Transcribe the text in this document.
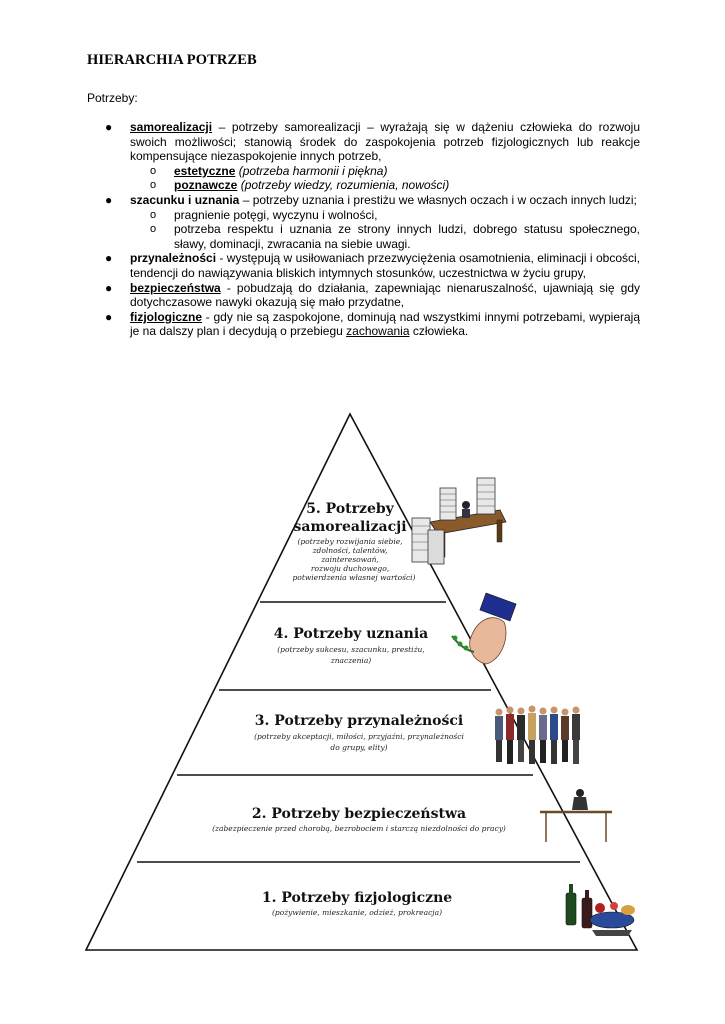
HIERARCHIA POTRZEB
Potrzeby:
● samorealizacji – potrzeby samorealizacji – wyrażają się w dążeniu człowieka do rozwoju swoich możliwości; stanowią środek do zaspokojenia potrzeb fizjologicznych lub reakcje kompensujące niezaspokojenie innych potrzeb,
o estetyczne (potrzeba harmonii i piękna)
o poznawcze (potrzeby wiedzy, rozumienia, nowości)
● szacunku i uznania – potrzeby uznania i prestiżu we własnych oczach i w oczach innych ludzi;
o pragnienie potęgi, wyczynu i wolności,
o potrzeba respektu i uznania ze strony innych ludzi, dobrego statusu społecznego, sławy, dominacji, zwracania na siebie uwagi.
● przynależności - występują w usiłowaniach przezwyciężenia osamotnienia, eliminacji i obcości, tendencji do nawiązywania bliskich intymnych stosunków, uczestnictwa w życiu grupy,
● bezpieczeństwa - pobudzają do działania, zapewniając nienaruszalność, ujawniają się gdy dotychczasowe nawyki okazują się mało przydatne,
● fizjologiczne - gdy nie są zaspokojone, dominują nad wszystkimi innymi potrzebami, wypierają je na dalszy plan i decydują o przebiegu zachowania człowieka.
5. Potrzeby
samorealizacji
(potrzeby rozwijania siebie,
zdolności, talentów,
zainteresowań,
rozwoju duchowego,
potwierdzenia własnej wartości)
4. Potrzeby uznania
(potrzeby sukcesu, szacunku, prestiżu,
znaczenia)
3. Potrzeby przynależności
(potrzeby akceptacji, miłości, przyjaźni, przynależności
do grupy, elity)
2. Potrzeby bezpieczeństwa
(zabezpieczenie przed chorobą, bezrobociem i starczą niezdolności do pracy)
1. Potrzeby fizjologiczne
(pożywienie, mieszkanie, odzież, prokreacja)
